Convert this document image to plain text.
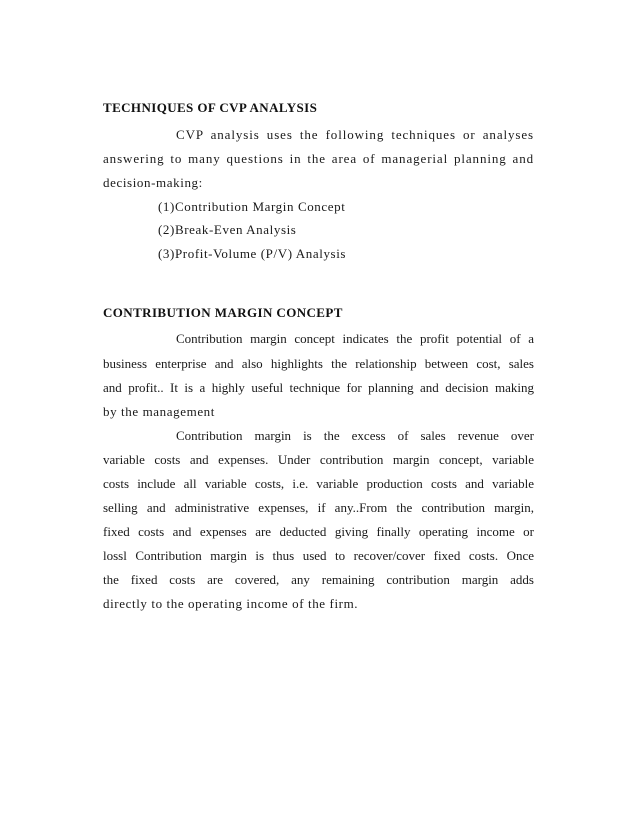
TECHNIQUES OF CVP ANALYSIS
CVP analysis uses the following techniques or analyses
answering to many questions in the area of managerial planning and
decision-making:
(1)Contribution Margin Concept
(2)Break-Even Analysis
(3)Profit-Volume (P/V) Analysis
CONTRIBUTION MARGIN CONCEPT
Contribution margin concept indicates the profit potential of a
business enterprise and also highlights the relationship between cost, sales
and profit.. It is a highly useful technique for planning and decision making
by the management
Contribution margin is the excess of sales revenue over
variable costs and expenses. Under contribution margin concept, variable
costs include all variable costs, i.e. variable production costs and variable
selling and administrative expenses, if any..From the contribution margin,
fixed costs and expenses are deducted giving finally operating income or
lossl Contribution margin is thus used to recover/cover fixed costs. Once
the fixed costs are covered, any remaining contribution margin adds
directly to the operating income of the firm.
